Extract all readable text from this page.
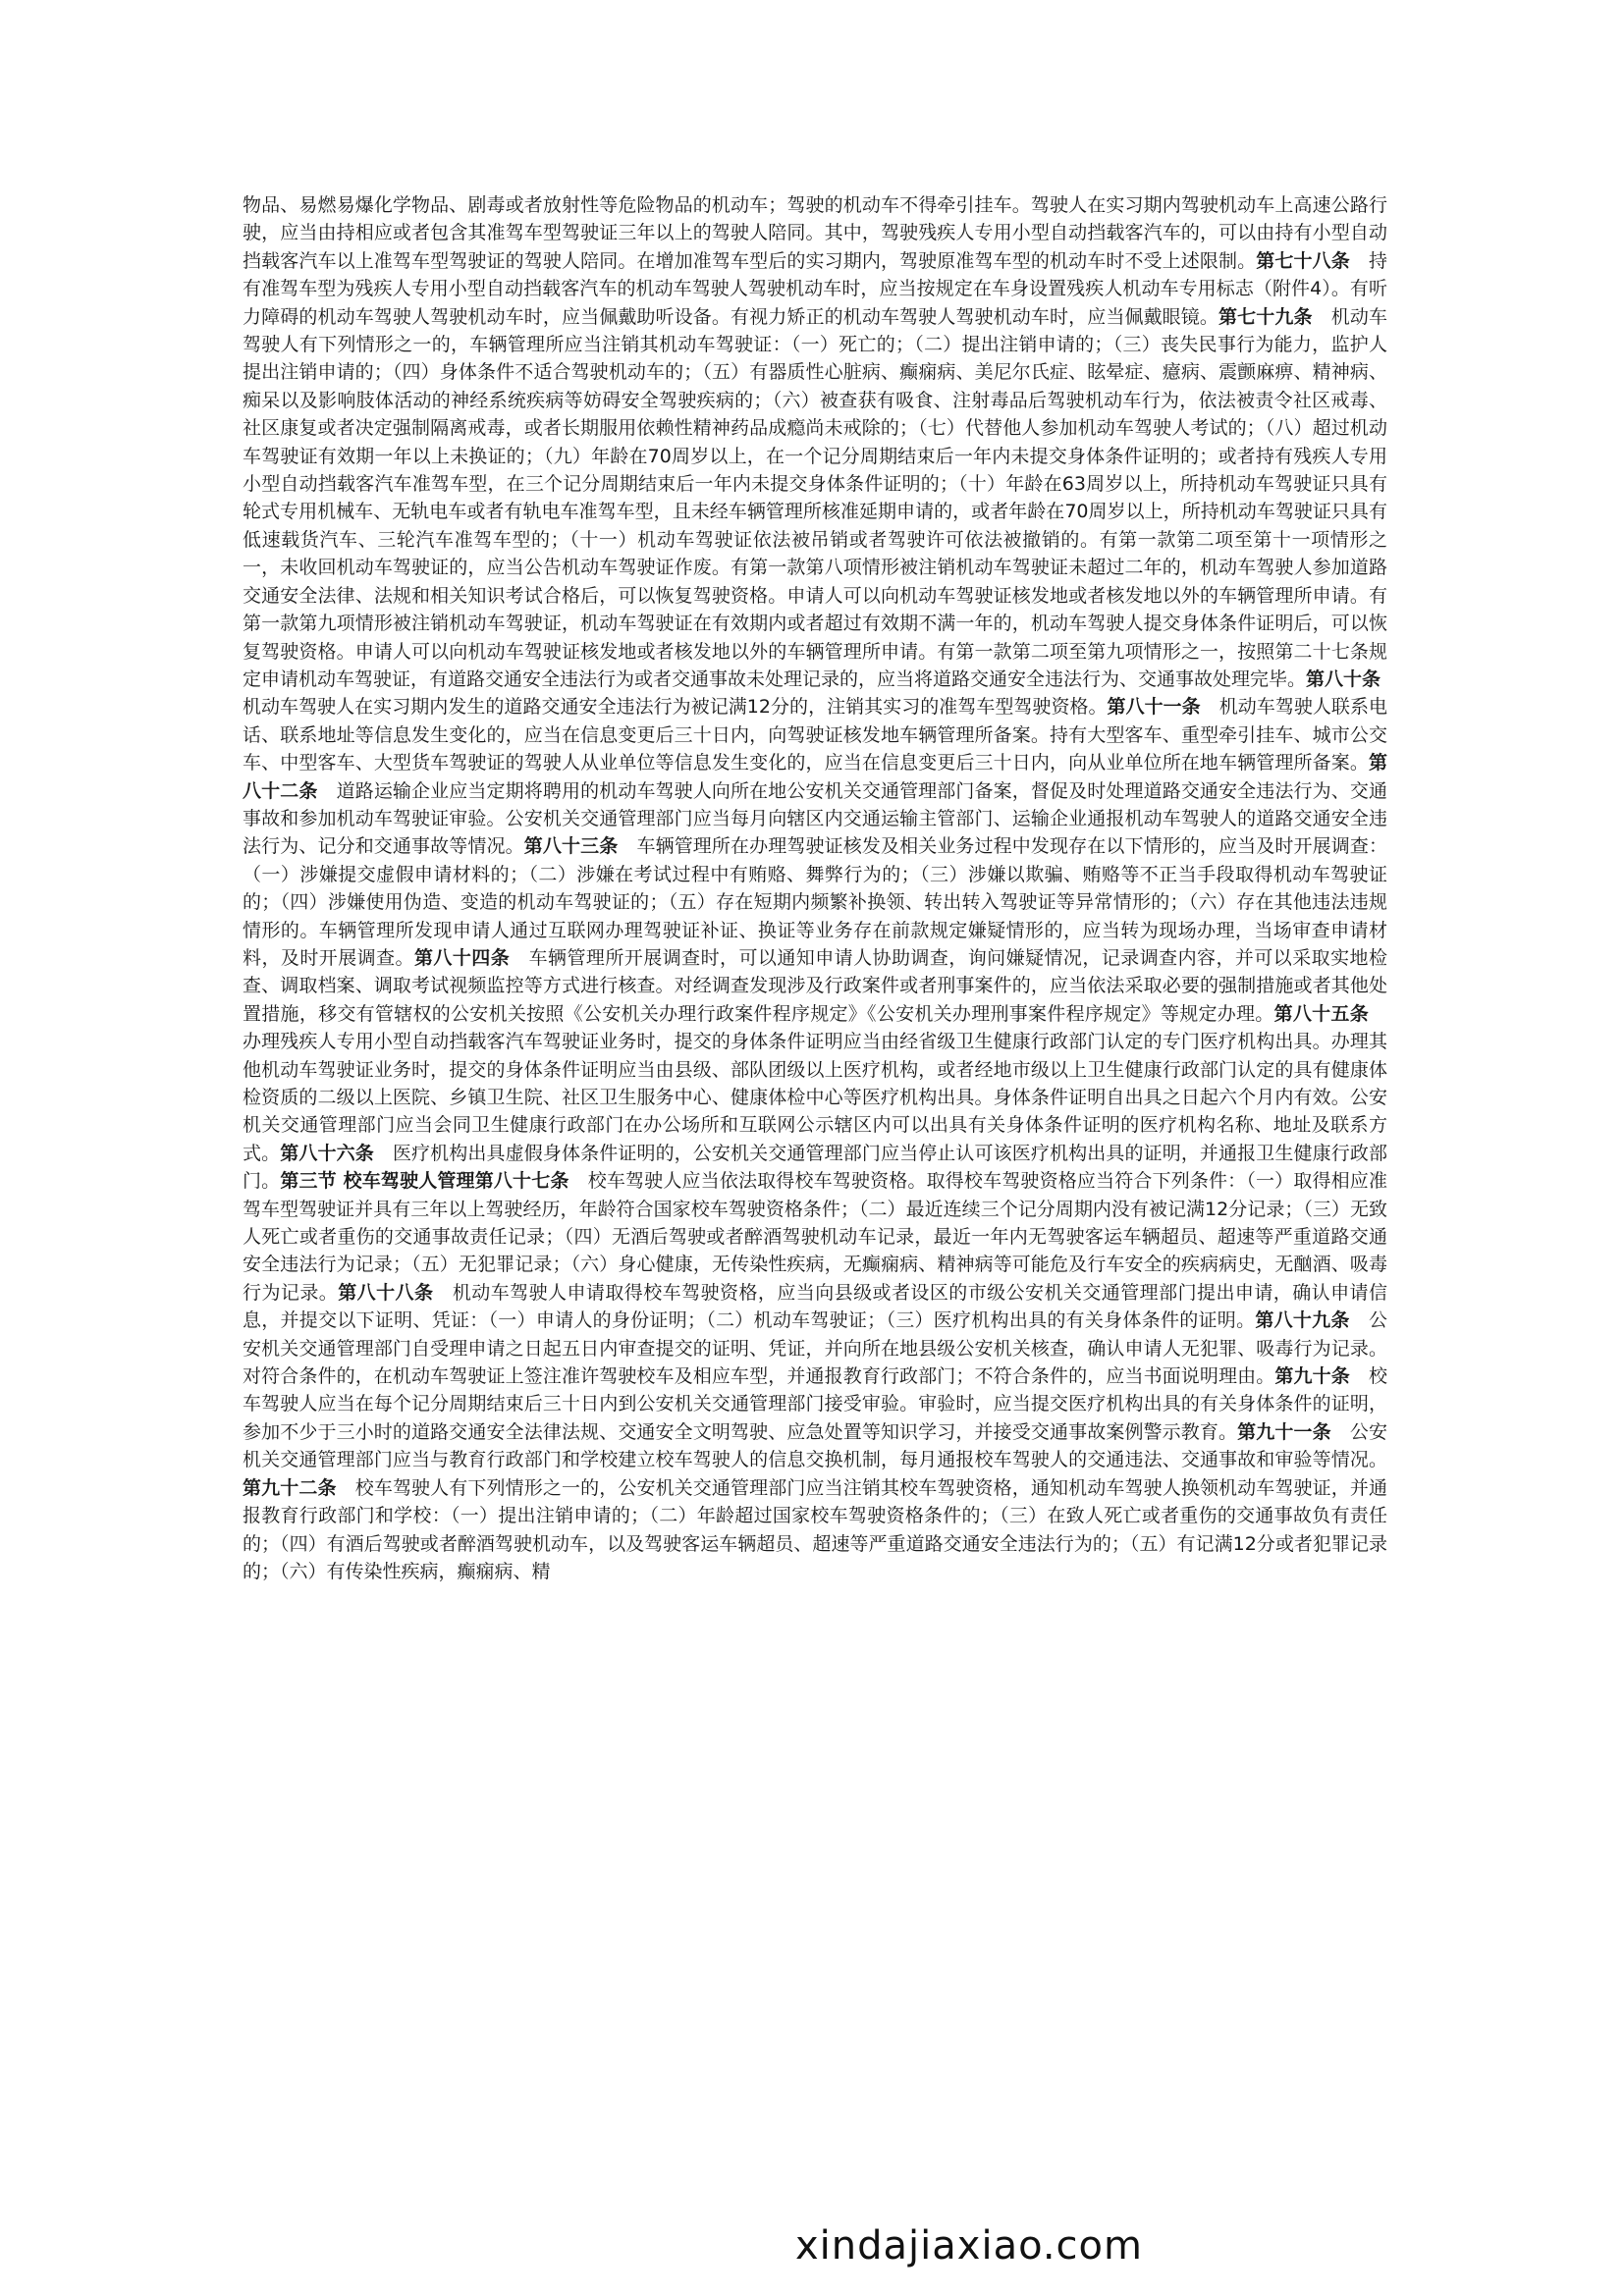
物品、易燃易爆化学物品、剧毒或者放射性等危险物品的机动车；驾驶的机动车不得牵引挂车。驾驶人在实习期内驾驶机动车上高速公路行驶，应当由持相应或者包含其准驾车型驾驶证三年以上的驾驶人陪同。其中，驾驶残疾人专用小型自动挡载客汽车的，可以由持有小型自动挡载客汽车以上准驾车型驾驶证的驾驶人陪同。在增加准驾车型后的实习期内，驾驶原准驾车型的机动车时不受上述限制。第七十八条　持有准驾车型为残疾人专用小型自动挡载客汽车的机动车驾驶人驾驶机动车时，应当按规定在车身设置残疾人机动车专用标志（附件4）。有听力障碍的机动车驾驶人驾驶机动车时，应当佩戴助听设备。有视力矫正的机动车驾驶人驾驶机动车时，应当佩戴眼镜。第七十九条　机动车驾驶人有下列情形之一的，车辆管理所应当注销其机动车驾驶证：（一）死亡的；（二）提出注销申请的；（三）丧失民事行为能力，监护人提出注销申请的；（四）身体条件不适合驾驶机动车的；（五）有器质性心脏病、癫痫病、美尼尔氏症、眩晕症、癔病、震颤麻痹、精神病、痴呆以及影响肢体活动的神经系统疾病等妨碍安全驾驶疾病的；（六）被查获有吸食、注射毒品后驾驶机动车行为，依法被责令社区戒毒、社区康复或者决定强制隔离戒毒，或者长期服用依赖性精神药品成瘾尚未戒除的；（七）代替他人参加机动车驾驶人考试的；（八）超过机动车驾驶证有效期一年以上未换证的；（九）年龄在70周岁以上，在一个记分周期结束后一年内未提交身体条件证明的；或者持有残疾人专用小型自动挡载客汽车准驾车型，在三个记分周期结束后一年内未提交身体条件证明的；（十）年龄在63周岁以上，所持机动车驾驶证只具有轮式专用机械车、无轨电车或者有轨电车准驾车型，且未经车辆管理所核准延期申请的，或者年龄在70周岁以上，所持机动车驾驶证只具有低速载货汽车、三轮汽车准驾车型的；（十一）机动车驾驶证依法被吊销或者驾驶许可依法被撤销的。有第一款第二项至第十一项情形之一，未收回机动车驾驶证的，应当公告机动车驾驶证作废。有第一款第八项情形被注销机动车驾驶证未超过二年的，机动车驾驶人参加道路交通安全法律、法规和相关知识考试合格后，可以恢复驾驶资格。申请人可以向机动车驾驶证核发地或者核发地以外的车辆管理所申请。有第一款第九项情形被注销机动车驾驶证，机动车驾驶证在有效期内或者超过有效期不满一年的，机动车驾驶人提交身体条件证明后，可以恢复驾驶资格。申请人可以向机动车驾驶证核发地或者核发地以外的车辆管理所申请。有第一款第二项至第九项情形之一，按照第二十七条规定申请机动车驾驶证，有道路交通安全违法行为或者交通事故未处理记录的，应当将道路交通安全违法行为、交通事故处理完毕。第八十条　机动车驾驶人在实习期内发生的道路交通安全违法行为被记满12分的，注销其实习的准驾车型驾驶资格。第八十一条　机动车驾驶人联系电话、联系地址等信息发生变化的，应当在信息变更后三十日内，向驾驶证核发地车辆管理所备案。持有大型客车、重型牵引挂车、城市公交车、中型客车、大型货车驾驶证的驾驶人从业单位等信息发生变化的，应当在信息变更后三十日内，向从业单位所在地车辆管理所备案。第八十二条　道路运输企业应当定期将聘用的机动车驾驶人向所在地公安机关交通管理部门备案，督促及时处理道路交通安全违法行为、交通事故和参加机动车驾驶证审验。公安机关交通管理部门应当每月向辖区内交通运输主管部门、运输企业通报机动车驾驶人的道路交通安全违法行为、记分和交通事故等情况。第八十三条　车辆管理所在办理驾驶证核发及相关业务过程中发现存在以下情形的，应当及时开展调查：（一）涉嫌提交虚假申请材料的；（二）涉嫌在考试过程中有贿赂、舞弊行为的；（三）涉嫌以欺骗、贿赂等不正当手段取得机动车驾驶证的；（四）涉嫌使用伪造、变造的机动车驾驶证的；（五）存在短期内频繁补换领、转出转入驾驶证等异常情形的；（六）存在其他违法违规情形的。车辆管理所发现申请人通过互联网办理驾驶证补证、换证等业务存在前款规定嫌疑情形的，应当转为现场办理，当场审查申请材料，及时开展调查。第八十四条　车辆管理所开展调查时，可以通知申请人协助调查，询问嫌疑情况，记录调查内容，并可以采取实地检查、调取档案、调取考试视频监控等方式进行核查。对经调查发现涉及行政案件或者刑事案件的，应当依法采取必要的强制措施或者其他处置措施，移交有管辖权的公安机关按照《公安机关办理行政案件程序规定》《公安机关办理刑事案件程序规定》等规定办理。第八十五条　办理残疾人专用小型自动挡载客汽车驾驶证业务时，提交的身体条件证明应当由经省级卫生健康行政部门认定的专门医疗机构出具。办理其他机动车驾驶证业务时，提交的身体条件证明应当由县级、部队团级以上医疗机构，或者经地市级以上卫生健康行政部门认定的具有健康体检资质的二级以上医院、乡镇卫生院、社区卫生服务中心、健康体检中心等医疗机构出具。身体条件证明自出具之日起六个月内有效。公安机关交通管理部门应当会同卫生健康行政部门在办公场所和互联网公示辖区内可以出具有关身体条件证明的医疗机构名称、地址及联系方式。第八十六条　医疗机构出具虚假身体条件证明的，公安机关交通管理部门应当停止认可该医疗机构出具的证明，并通报卫生健康行政部门。第三节 校车驾驶人管理第八十七条　校车驾驶人应当依法取得校车驾驶资格。取得校车驾驶资格应当符合下列条件：（一）取得相应准驾车型驾驶证并具有三年以上驾驶经历，年龄符合国家校车驾驶资格条件；（二）最近连续三个记分周期内没有被记满12分记录；（三）无致人死亡或者重伤的交通事故责任记录；（四）无酒后驾驶或者醉酒驾驶机动车记录，最近一年内无驾驶客运车辆超员、超速等严重道路交通安全违法行为记录；（五）无犯罪记录；（六）身心健康，无传染性疾病，无癫痫病、精神病等可能危及行车安全的疾病病史，无酗酒、吸毒行为记录。第八十八条　机动车驾驶人申请取得校车驾驶资格，应当向县级或者设区的市级公安机关交通管理部门提出申请，确认申请信息，并提交以下证明、凭证：（一）申请人的身份证明；（二）机动车驾驶证；（三）医疗机构出具的有关身体条件的证明。第八十九条　公安机关交通管理部门自受理申请之日起五日内审查提交的证明、凭证，并向所在地县级公安机关核查，确认申请人无犯罪、吸毒行为记录。对符合条件的，在机动车驾驶证上签注准许驾驶校车及相应车型，并通报教育行政部门；不符合条件的，应当书面说明理由。第九十条　校车驾驶人应当在每个记分周期结束后三十日内到公安机关交通管理部门接受审验。审验时，应当提交医疗机构出具的有关身体条件的证明，参加不少于三小时的道路交通安全法律法规、交通安全文明驾驶、应急处置等知识学习，并接受交通事故案例警示教育。第九十一条　公安机关交通管理部门应当与教育行政部门和学校建立校车驾驶人的信息交换机制，每月通报校车驾驶人的交通违法、交通事故和审验等情况。第九十二条　校车驾驶人有下列情形之一的，公安机关交通管理部门应当注销其校车驾驶资格，通知机动车驾驶人换领机动车驾驶证，并通报教育行政部门和学校：（一）提出注销申请的；（二）年龄超过国家校车驾驶资格条件的；（三）在致人死亡或者重伤的交通事故负有责任的；（四）有酒后驾驶或者醉酒驾驶机动车，以及驾驶客运车辆超员、超速等严重道路交通安全违法行为的；（五）有记满12分或者犯罪记录的；（六）有传染性疾病，癫痫病、精
xindajiaxiao.com
